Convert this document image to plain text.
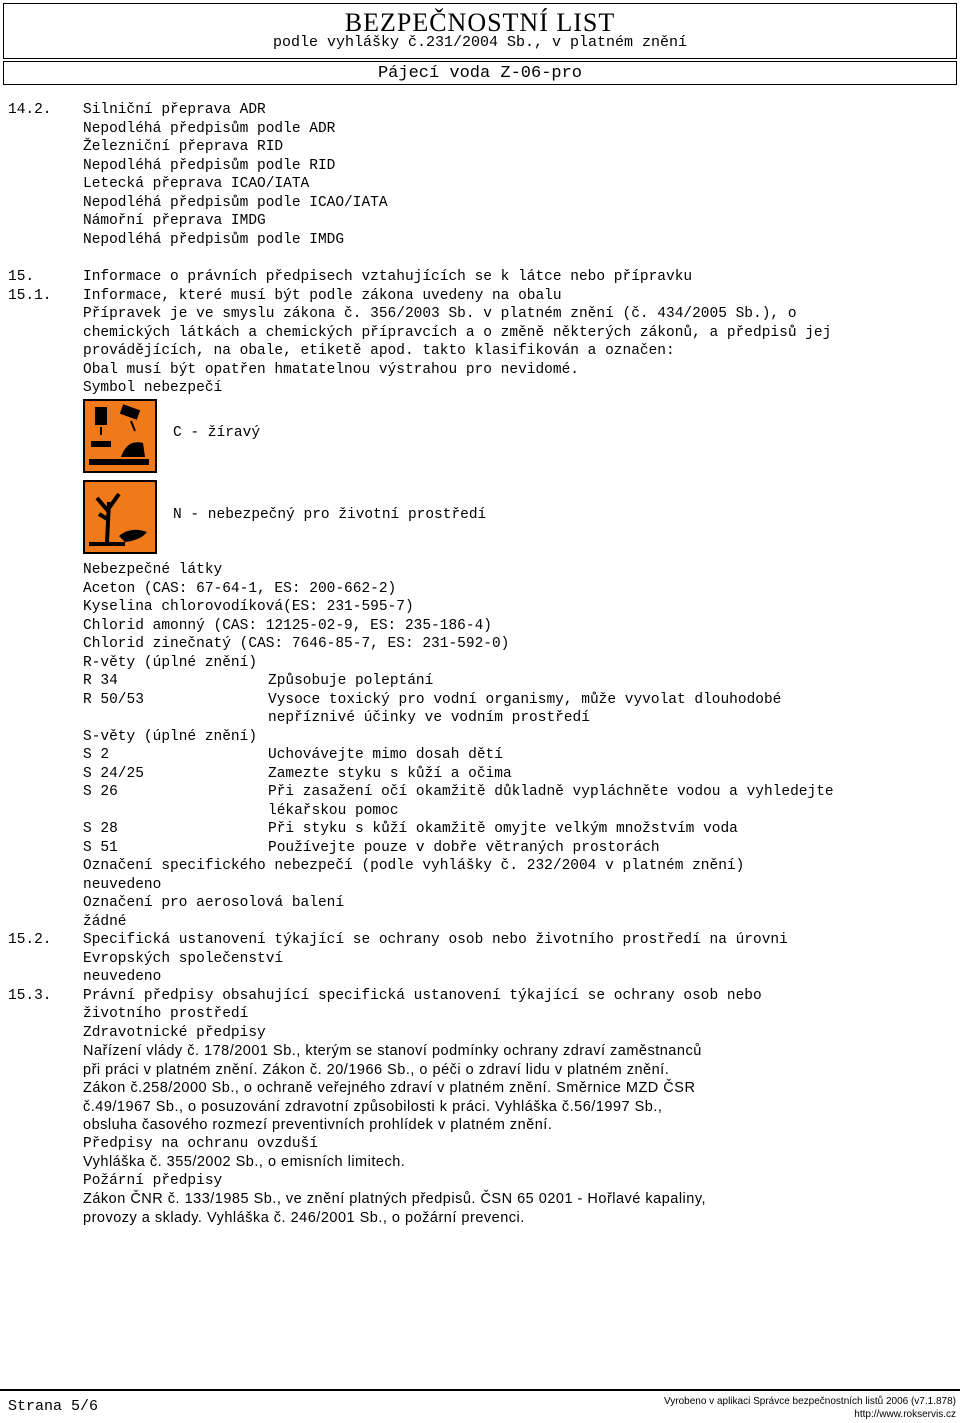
BEZPEČNOSTNÍ LIST
podle vyhlášky č.231/2004 Sb., v platném znění
Pájecí voda Z-06-pro
14.2. Silniční přeprava ADR
Nepodléhá předpisům podle ADR
Železniční přeprava RID
Nepodléhá předpisům podle RID
Letecká přeprava ICAO/IATA
Nepodléhá předpisům podle ICAO/IATA
Námořní přeprava IMDG
Nepodléhá předpisům podle IMDG
15.	Informace o právních předpisech vztahujících se k látce nebo přípravku
15.1. Informace, které musí být podle zákona uvedeny na obalu
Přípravek je ve smyslu zákona č. 356/2003 Sb. v platném znění (č. 434/2005 Sb.), o
chemických látkách a chemických přípravcích a o změně některých zákonů, a předpisů jej
provádějících, na obale, etiketě apod. takto klasifikován a označen:
Obal musí být opatřen hmatatelnou výstrahou pro nevidomé.
Symbol nebezpečí
C - žíravý
N - nebezpečný pro životní prostředí
Nebezpečné látky
Aceton (CAS: 67-64-1, ES: 200-662-2)
Kyselina chlorovodíková(ES: 231-595-7)
Chlorid amonný (CAS: 12125-02-9, ES: 235-186-4)
Chlorid zinečnatý (CAS: 7646-85-7, ES: 231-592-0)
R-věty (úplné znění)
R 34	Způsobuje poleptání
R 50/53	Vysoce toxický pro vodní organismy, může vyvolat dlouhodobé
nepříznivé účinky ve vodním prostředí
S-věty (úplné znění)
S 2	Uchovávejte mimo dosah dětí
S 24/25	Zamezte styku s kůží a očima
S 26	Při zasažení očí okamžitě důkladně vypláchněte vodou a vyhledejte
lékařskou pomoc
S 28	Při styku s kůží okamžitě omyjte velkým množstvím voda
S 51	Používejte pouze v dobře větraných prostorách
Označení specifického nebezpečí (podle vyhlášky č. 232/2004 v platném znění)
neuvedeno
Označení pro aerosolová balení
žádné
15.2. Specifická ustanovení týkající se ochrany osob nebo životního prostředí na úrovni
Evropských společenství
neuvedeno
15.3. Právní předpisy obsahující specifická ustanovení týkající se ochrany osob nebo
životního prostředí
Zdravotnické předpisy
Nařízení vlády č. 178/2001 Sb., kterým se stanoví podmínky ochrany zdraví zaměstnanců
při práci v platném znění. Zákon č. 20/1966 Sb., o péči o zdraví lidu v platném znění.
Zákon č.258/2000 Sb., o ochraně veřejného zdraví v platném znění. Směrnice MZD ČSR
č.49/1967 Sb., o posuzování zdravotní způsobilosti k práci. Vyhláška č.56/1997 Sb.,
obsluha časového rozmezí preventivních prohlídek v platném znění.
Předpisy na ochranu ovzduší
Vyhláška č. 355/2002 Sb., o emisních limitech.
Požární předpisy
Zákon ČNR č. 133/1985 Sb., ve znění platných předpisů. ČSN 65 0201 - Hořlavé kapaliny,
provozy a sklady. Vyhláška č. 246/2001 Sb., o požární prevenci.
Strana 5/6	Vyrobeno v aplikaci Správce bezpečnostních listů 2006 (v7.1.878)
http://www.rokservis.cz
